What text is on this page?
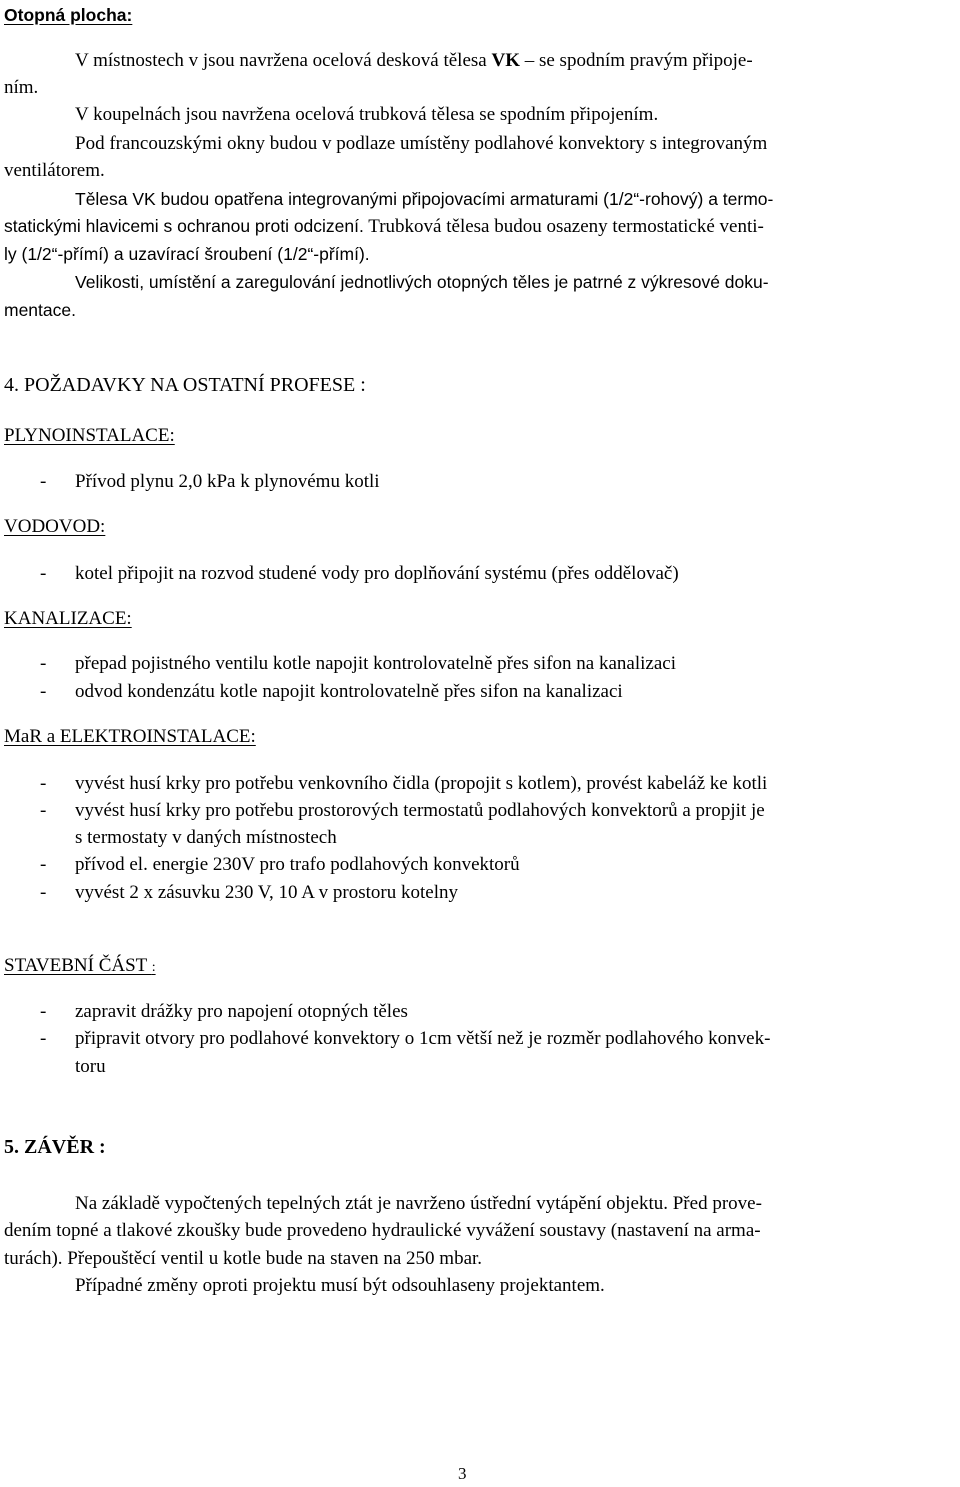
Otopná plocha:
V místnostech v jsou navržena ocelová desková tělesa VK – se spodním pravým připoje-
ním.
V koupelnách jsou navržena ocelová trubková tělesa se spodním připojením.
Pod francouzskými okny budou v podlaze umístěny podlahové konvektory s integrovaným
ventilátorem.
Tělesa VK budou opatřena integrovanými připojovacími armaturami (1/2“-rohový) a termo-
statickými hlavicemi s ochranou proti odcizení. Trubková tělesa budou osazeny termostatické venti-
ly (1/2“-přímí) a uzavírací šroubení (1/2“-přímí).
Velikosti, umístění a zaregulování jednotlivých otopných těles je patrné z výkresové doku-
mentace.
4. POŽADAVKY NA OSTATNÍ PROFESE :
PLYNOINSTALACE:
- Přívod plynu 2,0 kPa k plynovému kotli
VODOVOD:
- kotel připojit na rozvod studené vody pro doplňování systému (přes oddělovač)
KANALIZACE:
- přepad pojistného ventilu kotle napojit kontrolovatelně přes sifon na kanalizaci
- odvod kondenzátu kotle napojit kontrolovatelně přes sifon na kanalizaci
MaR a ELEKTROINSTALACE:
- vyvést husí krky pro potřebu venkovního čidla (propojit s kotlem), provést kabeláž ke kotli
- vyvést husí krky pro potřebu prostorových termostatů podlahových konvektorů a propjit je
s termostaty v daných místnostech
- přívod el. energie 230V pro trafo podlahových konvektorů
- vyvést 2 x zásuvku 230 V, 10 A v prostoru kotelny
STAVEBNÍ ČÁST :
- zapravit drážky pro napojení otopných těles
- připravit otvory pro podlahové konvektory o 1cm větší než je rozměr podlahového konvek-
toru
5. ZÁVĚR :
Na základě vypočtených tepelných ztát je navrženo ústřední vytápění objektu. Před prove-
dením topné a tlakové zkoušky bude provedeno hydraulické vyvážení soustavy (nastavení na arma-
turách). Přepouštěcí ventil u kotle bude na staven na 250 mbar.
Případné změny oproti projektu musí být odsouhlaseny projektantem.
3
